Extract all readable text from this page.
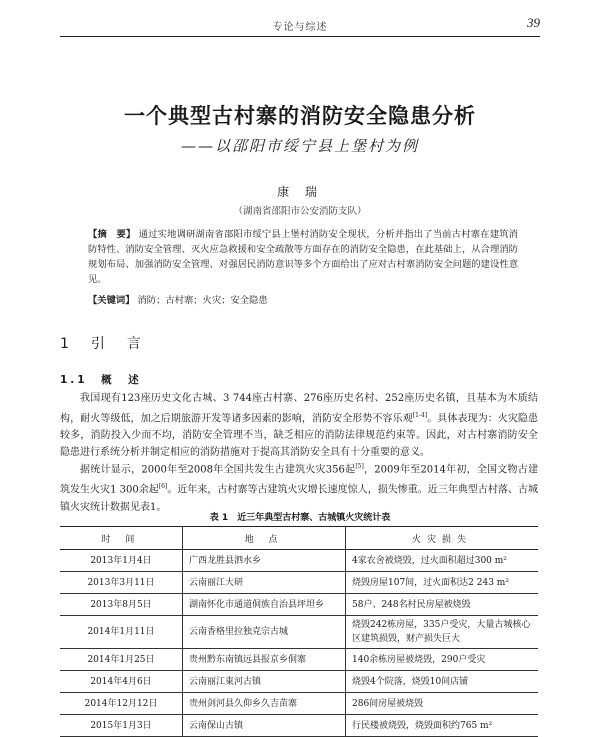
专论与综述	39
一个典型古村寨的消防安全隐患分析
——以邵阳市绥宁县上堡村为例
康 瑞
（湖南省邵阳市公安消防支队）
【摘　要】 通过实地调研湖南省邵阳市绥宁县上堡村消防安全现状，分析并指出了当前古村寨在建筑消防特性、消防安全管理、灭火应急救援和安全疏散等方面存在的消防安全隐患，在此基础上，从合理消防规划布局、加强消防安全管理、对强居民消防意识等多个方面给出了应对古村寨消防安全问题的建设性意见。
【关键词】 消防；古村寨；火灾；安全隐患
1　引　言
1.1　概　述
我国现有123座历史文化古城、3 744座古村寨、276座历史名村、252座历史名镇，且基本为木质结构，耐火等级低，加之后期旅游开发等诸多因素的影响，消防安全形势不容乐观[1-4]。具体表现为：火灾隐患较多，消防投入少而不均，消防安全管理不当，缺乏相应的消防法律规范约束等。因此，对古村寨消防安全隐患进行系统分析并制定相应的消防措施对于提高其消防安全具有十分重要的意义。
据统计显示，2000年至2008年全国共发生古建筑火灾356起[5]，2009年至2014年初，全国文物古建筑发生火灾1 300余起[6]。近年来，古村寨等古建筑火灾增长速度惊人，损失惨重。近三年典型古村落、古城镇火灾统计数据见表1。
表 1　近三年典型古村寨、古城镇火灾统计表
时 间	地 点	火灾损失
2013年1月4日	广西龙胜县泗水乡	4家农舍被烧毁，过火面积超过300 m²
2013年3月11日	云南丽江大研	烧毁房屋107间，过火面积达2 243 m²
2013年8月5日	湖南怀化市通道侗族自治县坪坦乡	58户、248名村民房屋被烧毁
2014年1月11日	云南香格里拉独克宗古城	烧毁242栋房屋，335户受灾，大量古城核心区建筑损毁，财产损失巨大
2014年1月25日	贵州黔东南镇远县报京乡侗寨	140余栋房屋被烧毁，290户受灾
2014年4月6日	云南丽江東河古镇	烧毁4个院落，烧毁10间店铺
2014年12月12日	贵州剑河县久仰乡久吉苗寨	286间房屋被烧毁
2015年1月3日	云南保山古镇	行民楼被烧毁，烧毁面积约765 m²
